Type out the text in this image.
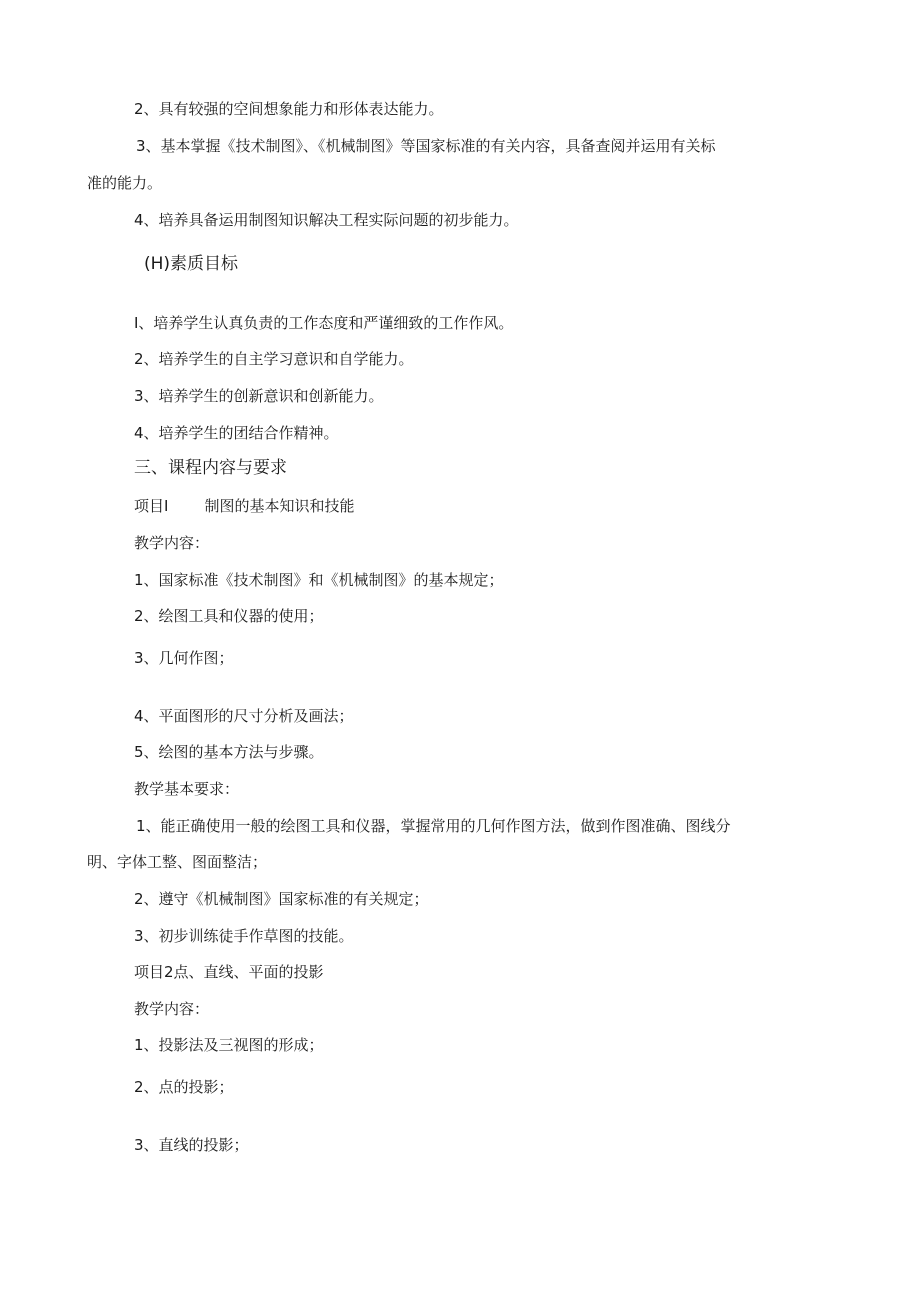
2、具有较强的空间想象能力和形体表达能力。
3、基本掌握《技术制图》、《机械制图》等国家标准的有关内容，具备查阅并运用有关标
准的能力。
4、培养具备运用制图知识解决工程实际问题的初步能力。
(H)素质目标
I、培养学生认真负责的工作态度和严谨细致的工作作风。
2、培养学生的自主学习意识和自学能力。
3、培养学生的创新意识和创新能力。
4、培养学生的团结合作精神。
三、课程内容与要求
项目I 制图的基本知识和技能
教学内容：
1、国家标准《技术制图》和《机械制图》的基本规定；
2、绘图工具和仪器的使用；
3、几何作图；
4、平面图形的尺寸分析及画法；
5、绘图的基本方法与步骤。
教学基本要求：
1、能正确使用一般的绘图工具和仪器，掌握常用的几何作图方法，做到作图准确、图线分
明、字体工整、图面整洁；
2、遵守《机械制图》国家标准的有关规定；
3、初步训练徒手作草图的技能。
项目2点、直线、平面的投影
教学内容：
1、投影法及三视图的形成；
2、点的投影；
3、直线的投影；
